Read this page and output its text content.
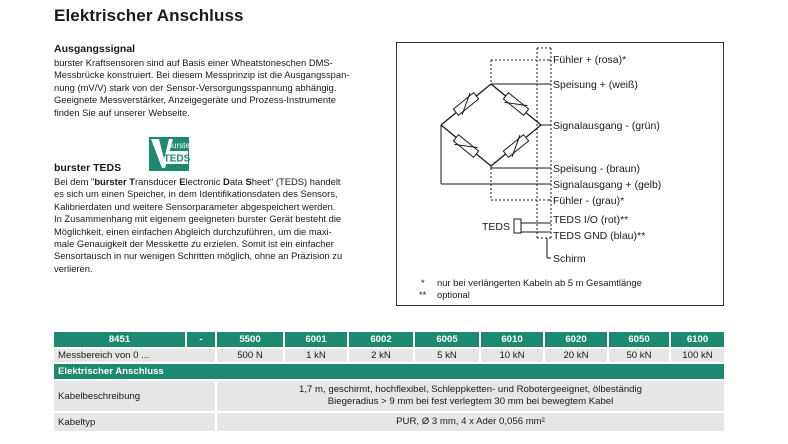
Elektrischer Anschluss
Ausgangssignal
burster Kraftsensoren sind auf Basis einer Wheatstoneschen DMS-
Messbrücke konstruiert. Bei diesem Messprinzip ist die Ausgangsspan-
nung (mV/V) stark von der Sensor-Versorgungsspannung abhängig.
Geeignete Messverstärker, Anzeigegeräte und Prozess-Instrumente
finden Sie auf unserer Webseite.
burster
TEDS
burster TEDS
Bei dem "burster Transducer Electronic Data Sheet" (TEDS) handelt
es sich um einen Speicher, in dem Identifikationsdaten des Sensors,
Kalibrierdaten und weitere Sensorparameter abgespeichert werden.
In Zusammenhang mit eigenem geeigneten burster Gerät besteht die
Möglichkeit, einen einfachen Abgleich durchzuführen, um die maxi-
male Genauigkeit der Messkette zu erzielen. Somit ist ein einfacher
Sensortausch in nur wenigen Schritten möglich, ohne an Präzision zu
verlieren.
Fühler + (rosa)*
Speisung + (weiß)
Signalausgang - (grün)
Speisung - (braun)
Signalausgang + (gelb)
Fühler - (grau)*
TEDS I/O (rot)**
TEDS GND (blau)**
Schirm
TEDS
* nur bei verlängerten Kabeln ab 5 m Gesamtlänge
** optional
8451	-	5500	6001	6002	6005	6010	6020	6050	6100
Messbereich von 0 ...		500 N	1 kN	2 kN	5 kN	10 kN	20 kN	50 kN	100 kN
Elektrischer Anschluss									
Kabelbeschreibung		1,7 m, geschirmt, hochflexibel, Schleppketten- und Robotergeeignet, ölbeständig
Biegeradius > 9 mm bei fest verlegtem 30 mm bei bewegtem Kabel							

Kabeltyp		PUR, Ø 3 mm, 4 x Ader 0,056 mm²							
